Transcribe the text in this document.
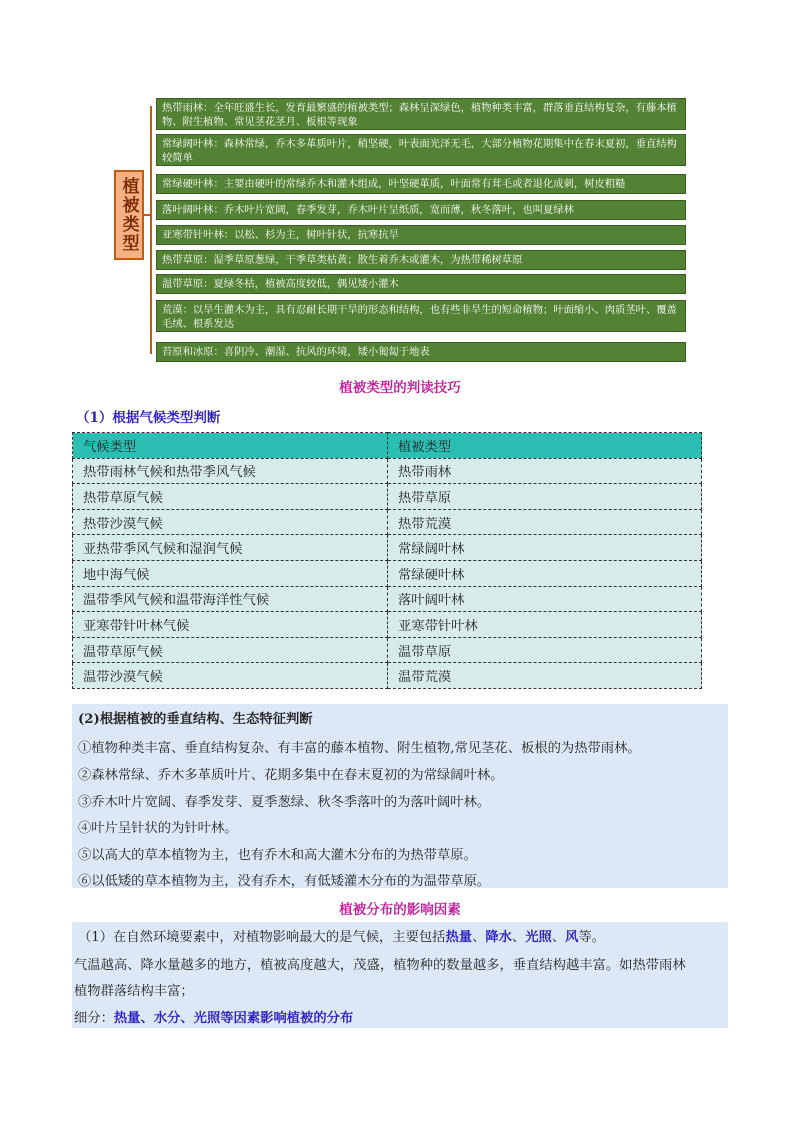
植被类型
热带雨林：全年旺盛生长，发育最繁盛的植被类型；森林呈深绿色，植物种类丰富，群落垂直结构复杂，有藤本植物、附生植物、常见茎花茎月、板根等现象
常绿阔叶林：森林常绿，乔木多革质叶片，稍坚硬，叶表面光泽无毛，大部分植物花期集中在春末夏初，垂直结构较简单
常绿硬叶林：主要由硬叶的常绿乔木和灌木组成，叶坚硬革质，叶面常有茸毛或者退化成刺，树皮粗糙
落叶阔叶林：乔木叶片宽阔，春季发芽，乔木叶片呈纸质，宽而薄，秋冬落叶，也叫夏绿林
亚寒带针叶林：以松、杉为主，树叶针状，抗寒抗旱
热带草原：湿季草原葱绿，干季草类枯黄；散生着乔木或灌木，为热带稀树草原
温带草原：夏绿冬枯，植被高度较低，偶见矮小灌木
荒漠：以旱生灌木为主，具有忍耐长期干旱的形态和结构，也有些非旱生的短命植物；叶面缩小、肉质茎叶、覆盖毛绒、根系发达
苔原和冰原：喜阴冷、潮湿、抗风的环境，矮小匍匐于地表
植被类型的判读技巧
（1）根据气候类型判断
气候类型	植被类型
热带雨林气候和热带季风气候	热带雨林
热带草原气候	热带草原
热带沙漠气候	热带荒漠
亚热带季风气候和湿润气候	常绿阔叶林
地中海气候	常绿硬叶林
温带季风气候和温带海洋性气候	落叶阔叶林
亚寒带针叶林气候	亚寒带针叶林
温带草原气候	温带草原
温带沙漠气候	温带荒漠
(2)根据植被的垂直结构、生态特征判断
①植物种类丰富、垂直结构复杂、有丰富的藤本植物、附生植物,常见茎花、板根的为热带雨林。
②森林常绿、乔木多革质叶片、花期多集中在春末夏初的为常绿阔叶林。
③乔木叶片宽阔、春季发芽、夏季葱绿、秋冬季落叶的为落叶阔叶林。
④叶片呈针状的为针叶林。
⑤以高大的草本植物为主，也有乔木和高大灌木分布的为热带草原。
⑥以低矮的草本植物为主，没有乔木，有低矮灌木分布的为温带草原。
植被分布的影响因素
（1）在自然环境要素中，对植物影响最大的是气候，主要包括热量、降水、光照、风等。
气温越高、降水量越多的地方，植被高度越大，茂盛，植物种的数量越多，垂直结构越丰富。如热带雨林
植物群落结构丰富；
细分：热量、水分、光照等因素影响植被的分布
